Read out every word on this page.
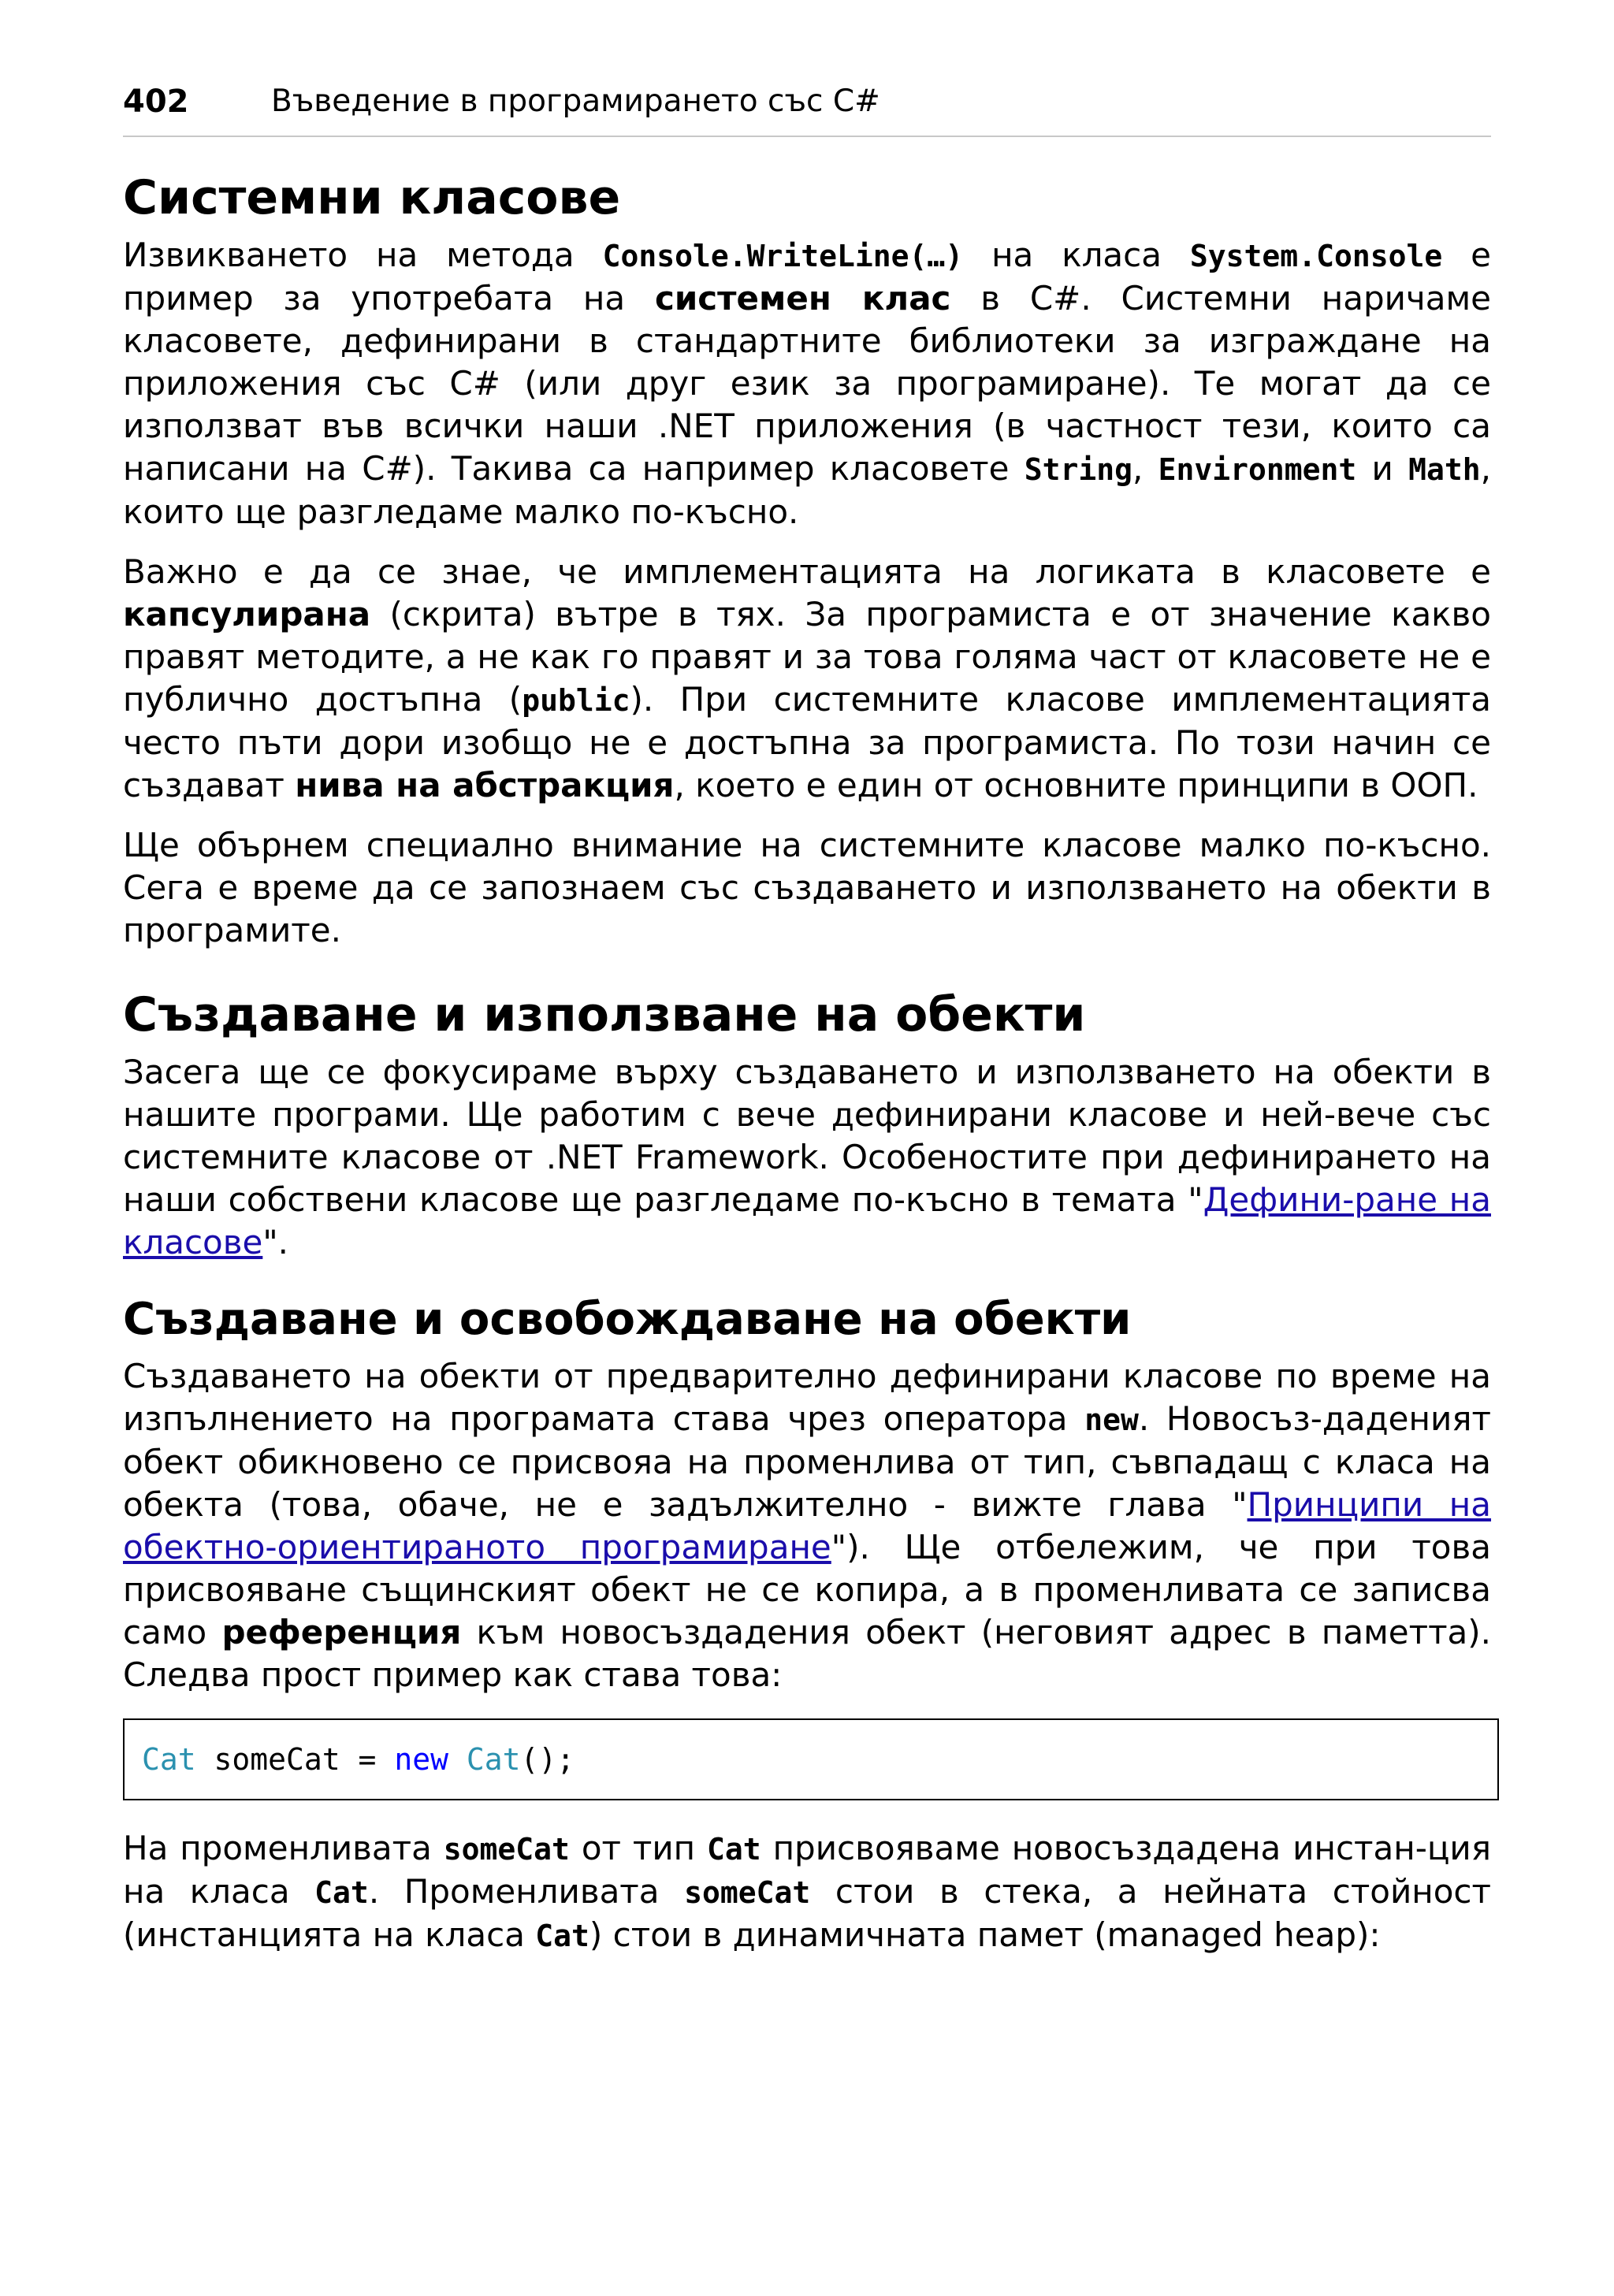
402	Въведение в програмирането със C#
Системни класове

Извикването на метода Console.WriteLine(…) на класа System.Console е пример за употребата на системен клас в C#. Системни наричаме класовете, дефинирани в стандартните библиотеки за изграждане на приложения със C# (или друг език за програмиране). Те могат да се използват във всички наши .NET приложения (в частност тези, които са написани на C#). Такива са например класовете String, Environment и Math, които ще разгледаме малко по-късно.

Важно е да се знае, че имплементацията на логиката в класовете е капсулирана (скрита) вътре в тях. За програмиста е от значение какво правят методите, а не как го правят и за това голяма част от класовете не е публично достъпна (public). При системните класове имплементацията често пъти дори изобщо не е достъпна за програмиста. По този начин се създават нива на абстракция, което е един от основните принципи в ООП.

Ще обърнем специално внимание на системните класове малко по-късно. Сега е време да се запознаем със създаването и използването на обекти в програмите.

Създаване и използване на обекти

Засега ще се фокусираме върху създаването и използването на обекти в нашите програми. Ще работим с вече дефинирани класове и ней-вече със системните класове от .NET Framework. Особеностите при дефинирането на наши собствени класове ще разгледаме по-късно в темата "Дефини-ране на класове".

Създаване и освобождаване на обекти

Създаването на обекти от предварително дефинирани класове по време на изпълнението на програмата става чрез оператора new. Новосъз-даденият обект обикновено се присвояа на променлива от тип, съвпадащ с класа на обекта (това, обаче, не е задължително - вижте глава "Принципи на обектно-ориентираното програмиране"). Ще отбележим, че при това присвояване същинският обект не се копира, а в променливата се записва само референция към новосъздадения обект (неговият адрес в паметта). Следва прост пример как става това:

Cat someCat = new Cat();

На променливата someCat от тип Cat присвояваме новосъздадена инстан-ция на класа Cat. Променливата someCat стои в стека, а нейната стойност (инстанцията на класа Cat) стои в динамичната памет (managed heap):
